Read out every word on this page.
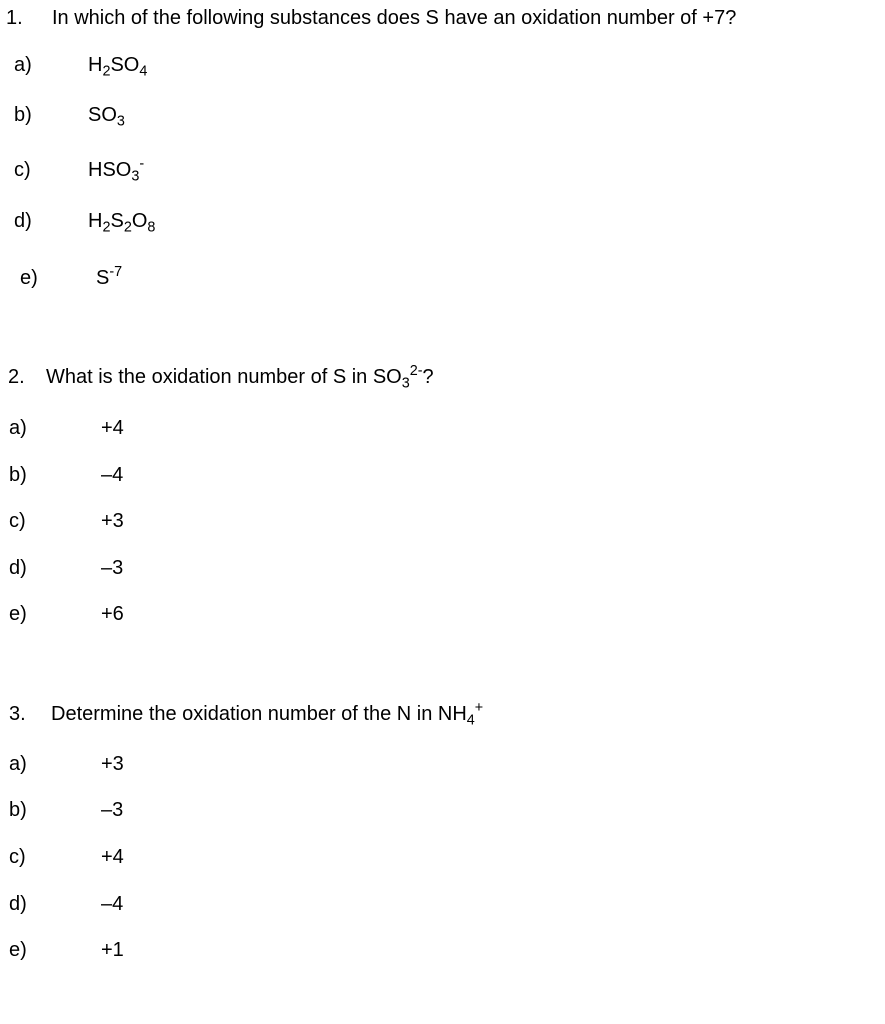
1. In which of the following substances does S have an oxidation number of +7?
a)	$H_2SO_4$
b)	$SO_3$
c)	$HSO_3^-$
d)	$H_2S_2O_8$
e)	$S^{-7}$
2. What is the oxidation number of S in $SO_3^{2-}$?
a)	+4
b)	–4
c)	+3
d)	–3
e)	+6
3. Determine the oxidation number of the N in $NH_4^+$
a)	+3
b)	–3
c)	+4
d)	–4
e)	+1
